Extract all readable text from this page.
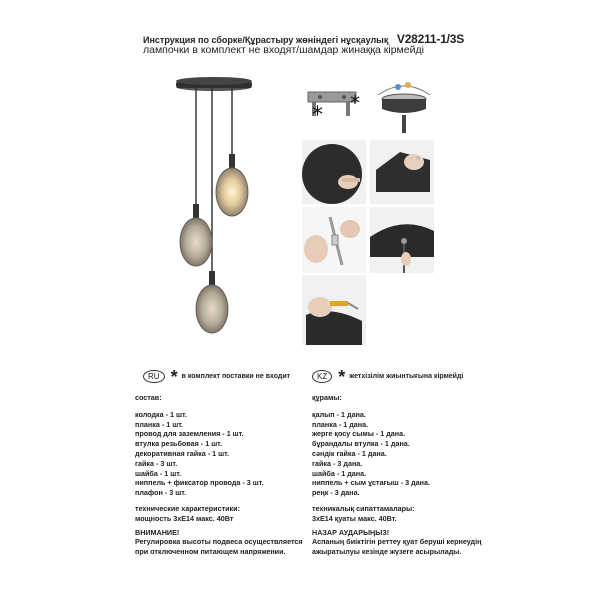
Инструкция по сборке/Құрастыру жөніндегі нұсқаулық V28211-1/3S
лампочки в комплект не входят/шамдар жинаққа кірмейді
* *
RU * в комплект поставки не входит	KZ * жетхізілім жиынтығына кірмейді
состав:
колодка - 1 шт.
планка - 1 шт.
провод для заземления - 1 шт.
втулка резьбовая - 1 шт.
декоративная гайка - 1 шт.
гайка - 3 шт.
шайба - 1 шт.
ниппель + фиксатор провода - 3 шт.
плафон - 3 шт.
технические характеристики:
мощность 3xE14 макс. 40Вт
ВНИМАНИЕ!
Регулировка высоты подвеса осуществляется
при отключенном питающем напряжении.
құрамы:
қалып - 1 дана.
планка - 1 дана.
жерге қосу сымы - 1 дана.
бұрандалы втулка - 1 дана.
сәндік гайка - 1 дана.
гайка - 3 дана.
шайба - 1 дана.
ниппель + сым ұстағыш - 3 дана.
реңк - 3 дана.
техникалық сипаттамалары:
3xE14 қуаты макс. 40Вт.
НАЗАР АУДАРЫҢЫЗ!
Аспаның биіктігін реттеу қуат беруші кернеудің
ажыратылуы кезінде жүзеге асырылады.
